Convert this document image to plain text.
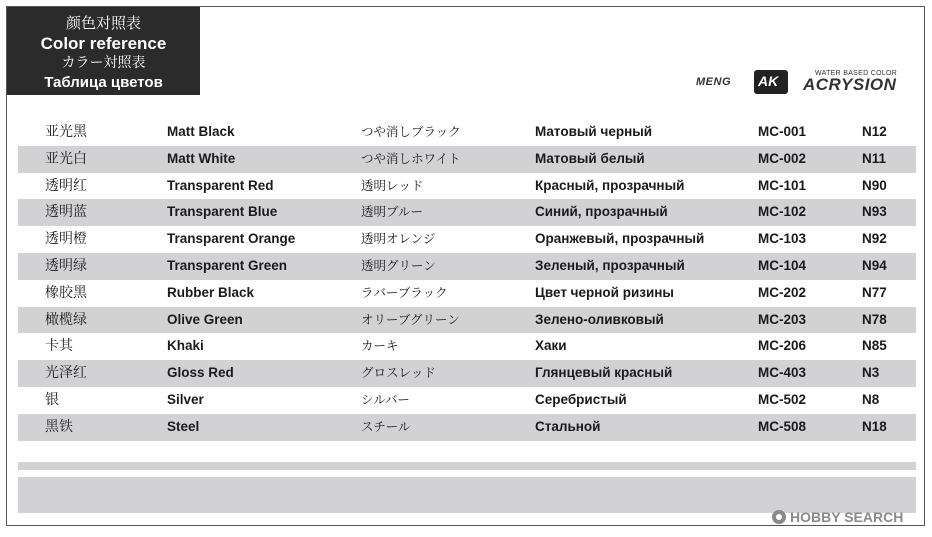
颜色对照表
Color reference
カラー対照表
Таблица цветов	MENG AK	WATER BASED COLOR
ACRYSION
亚光黑	Matt Black	つや消しブラック	Матовый черный	MC-001	N12
亚光白	Matt White	つや消しホワイト	Матовый белый	MC-002	N11
透明红	Transparent Red	透明レッド	Красный, прозрачный	MC-101	N90
透明蓝	Transparent Blue	透明ブルー	Синий, прозрачный	MC-102	N93
透明橙	Transparent Orange	透明オレンジ	Оранжевый, прозрачный	MC-103	N92
透明绿	Transparent Green	透明グリーン	Зеленый, прозрачный	MC-104	N94
橡胶黑	Rubber Black	ラバーブラック	Цвет черной ризины	MC-202	N77
橄榄绿	Olive Green	オリーブグリーン	Зелено-оливковый	MC-203	N78
卡其	Khaki	カーキ	Хаки	MC-206	N85
光泽红	Gloss Red	グロスレッド	Глянцевый красный	MC-403	N3
银	Silver	シルバー	Серебристый	MC-502	N8
黑铁	Steel	スチール	Стальной	MC-508	N18
HOBBY SEARCH
